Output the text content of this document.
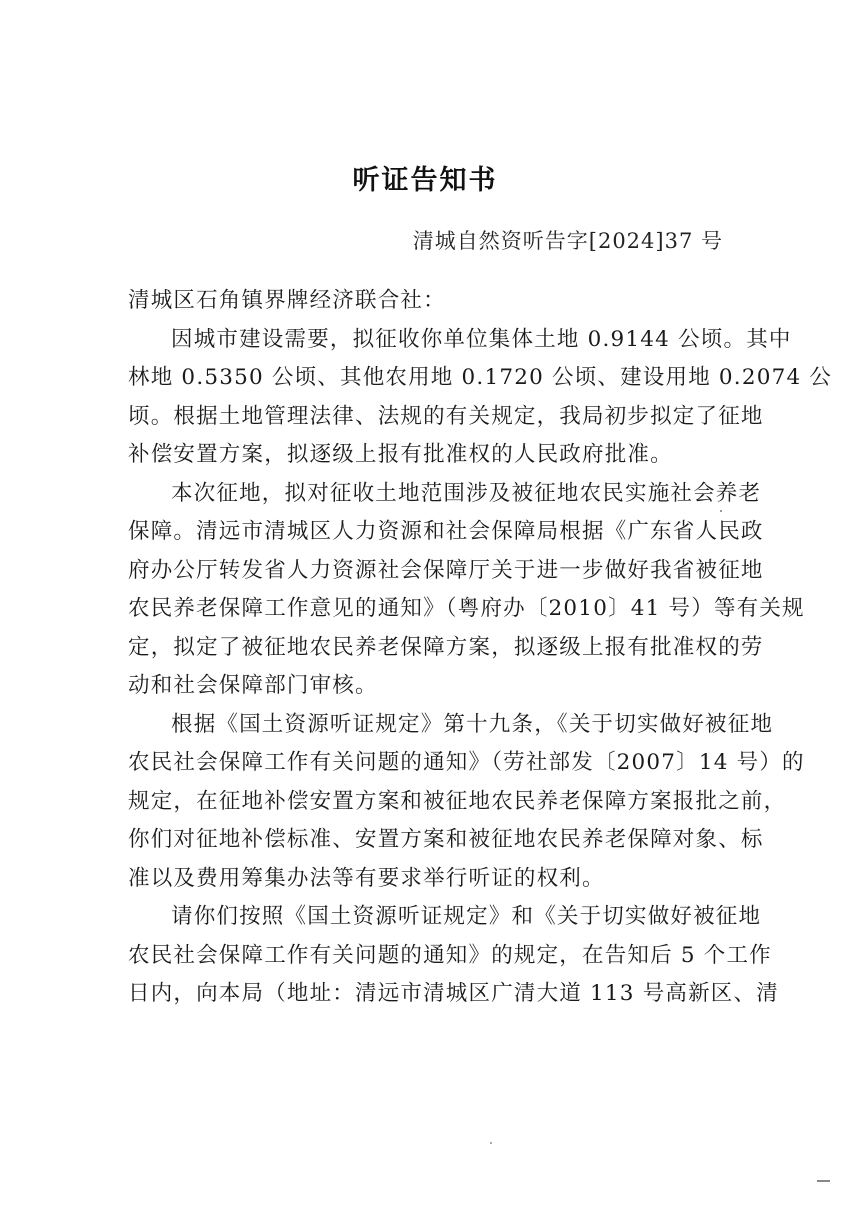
听证告知书
清城自然资听告字[2024]37 号
清城区石角镇界牌经济联合社：
因城市建设需要，拟征收你单位集体土地 0.9144 公顷。其中
林地 0.5350 公顷、其他农用地 0.1720 公顷、建设用地 0.2074 公
顷。根据土地管理法律、法规的有关规定，我局初步拟定了征地
补偿安置方案，拟逐级上报有批准权的人民政府批准。
本次征地，拟对征收土地范围涉及被征地农民实施社会养老
保障。清远市清城区人力资源和社会保障局根据《广东省人民政
府办公厅转发省人力资源社会保障厅关于进一步做好我省被征地
农民养老保障工作意见的通知》（粤府办〔2010〕41 号）等有关规
定，拟定了被征地农民养老保障方案，拟逐级上报有批准权的劳
动和社会保障部门审核。
根据《国土资源听证规定》第十九条，《关于切实做好被征地
农民社会保障工作有关问题的通知》（劳社部发〔2007〕14 号）的
规定，在征地补偿安置方案和被征地农民养老保障方案报批之前，
你们对征地补偿标准、安置方案和被征地农民养老保障对象、标
准以及费用筹集办法等有要求举行听证的权利。
请你们按照《国土资源听证规定》和《关于切实做好被征地
农民社会保障工作有关问题的通知》的规定，在告知后 5 个工作
日内，向本局（地址：清远市清城区广清大道 113 号高新区、清
